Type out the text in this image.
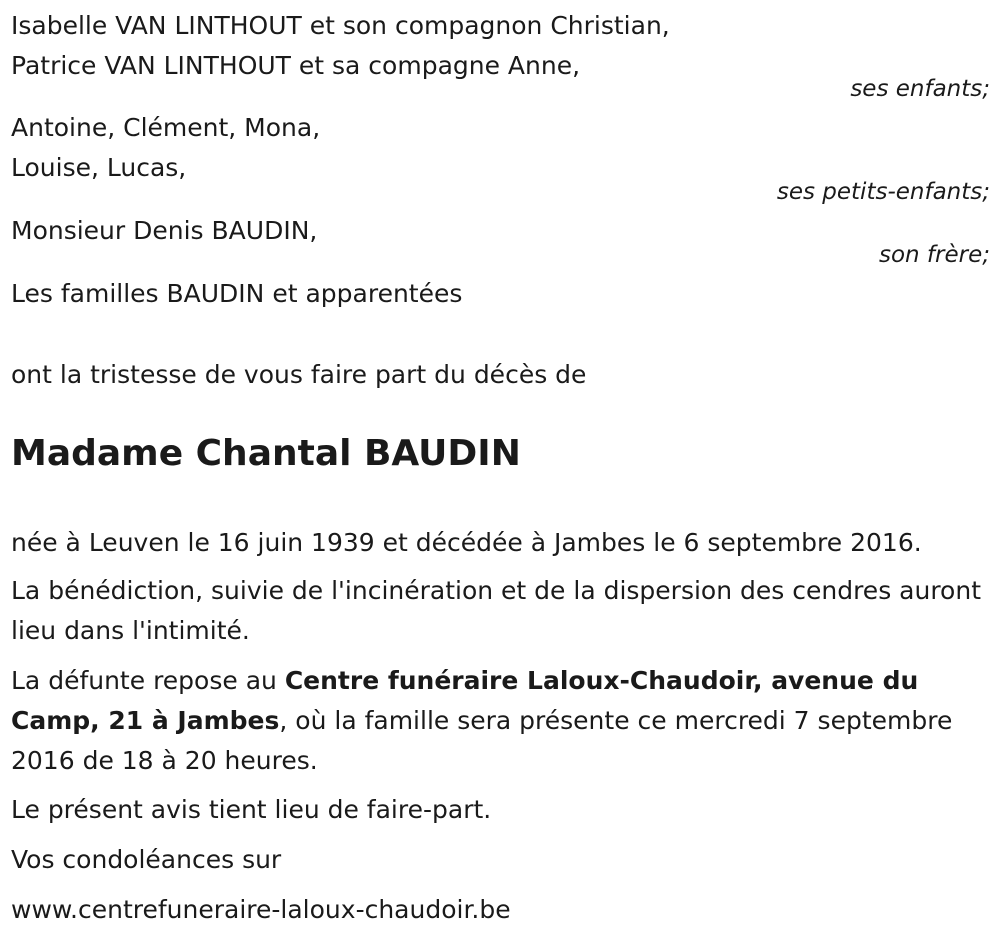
Isabelle VAN LINTHOUT et son compagnon Christian,
Patrice VAN LINTHOUT et sa compagne Anne,
ses enfants;
Antoine, Clément, Mona,
Louise, Lucas,
ses petits-enfants;
Monsieur Denis BAUDIN,
son frère;
Les familles BAUDIN et apparentées
ont la tristesse de vous faire part du décès de
Madame Chantal BAUDIN
née à Leuven le 16 juin 1939 et décédée à Jambes le 6 septembre 2016.
La bénédiction, suivie de l'incinération et de la dispersion des cendres auront lieu dans l'intimité.
La défunte repose au Centre funéraire Laloux-Chaudoir, avenue du Camp, 21 à Jambes, où la famille sera présente ce mercredi 7 septembre 2016 de 18 à 20 heures.
Le présent avis tient lieu de faire-part.
Vos condoléances sur
www.centrefuneraire-laloux-chaudoir.be
